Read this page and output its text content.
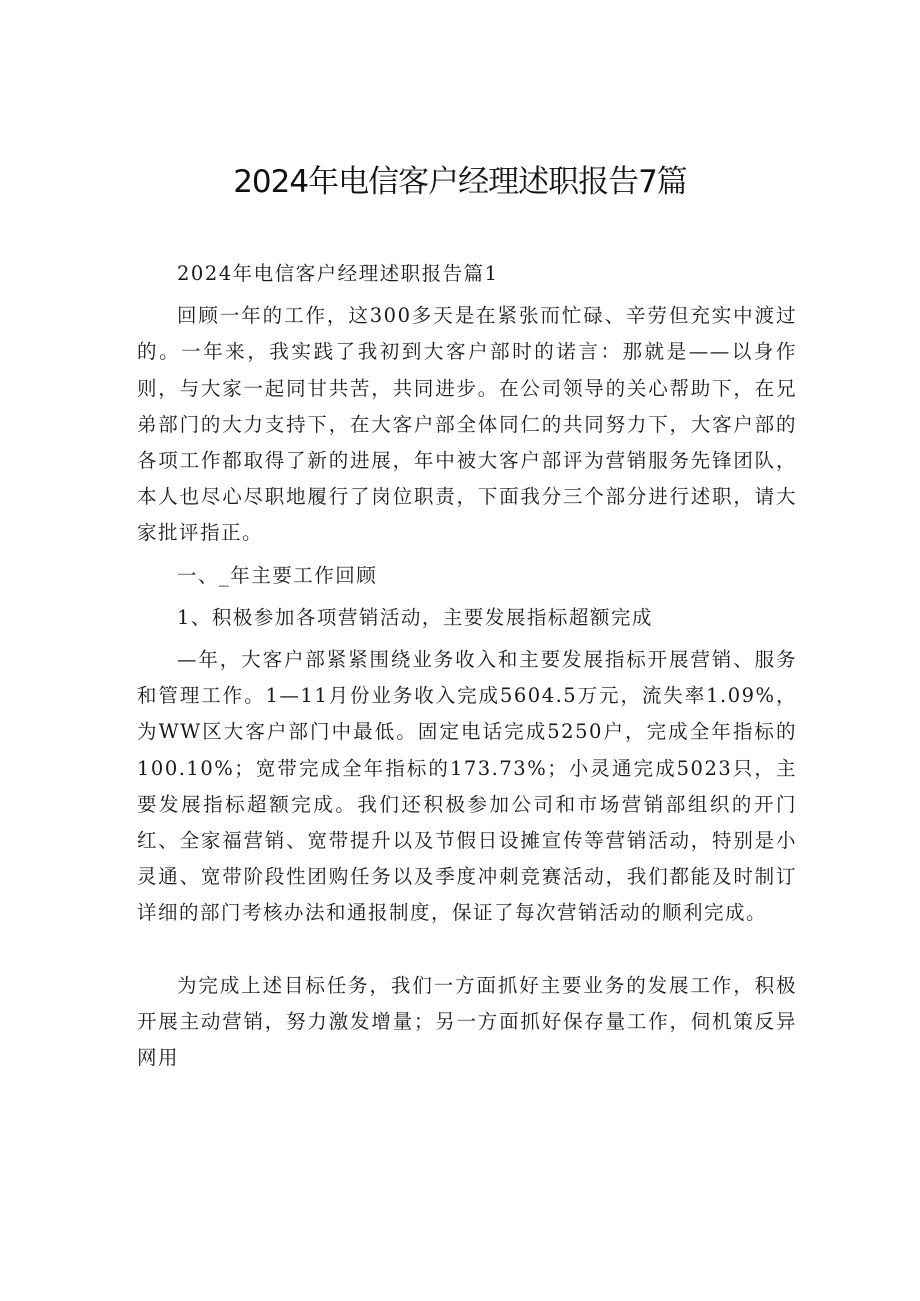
2024年电信客户经理述职报告7篇

2024年电信客户经理述职报告篇1

回顾一年的工作，这300多天是在紧张而忙碌、辛劳但充实中渡过的。一年来，我实践了我初到大客户部时的诺言：那就是——以身作则，与大家一起同甘共苦，共同进步。在公司领导的关心帮助下，在兄弟部门的大力支持下，在大客户部全体同仁的共同努力下，大客户部的各项工作都取得了新的进展，年中被大客户部评为营销服务先锋团队，本人也尽心尽职地履行了岗位职责，下面我分三个部分进行述职，请大家批评指正。

一、_年主要工作回顾

1、积极参加各项营销活动，主要发展指标超额完成

—年，大客户部紧紧围绕业务收入和主要发展指标开展营销、服务和管理工作。1—11月份业务收入完成5604.5万元，流失率1.09%，为WW区大客户部门中最低。固定电话完成5250户，完成全年指标的100.10%；宽带完成全年指标的173.73%；小灵通完成5023只，主要发展指标超额完成。我们还积极参加公司和市场营销部组织的开门红、全家福营销、宽带提升以及节假日设摊宣传等营销活动，特别是小灵通、宽带阶段性团购任务以及季度冲刺竞赛活动，我们都能及时制订详细的部门考核办法和通报制度，保证了每次营销活动的顺利完成。

为完成上述目标任务，我们一方面抓好主要业务的发展工作，积极开展主动营销，努力激发增量；另一方面抓好保存量工作，伺机策反异网用
